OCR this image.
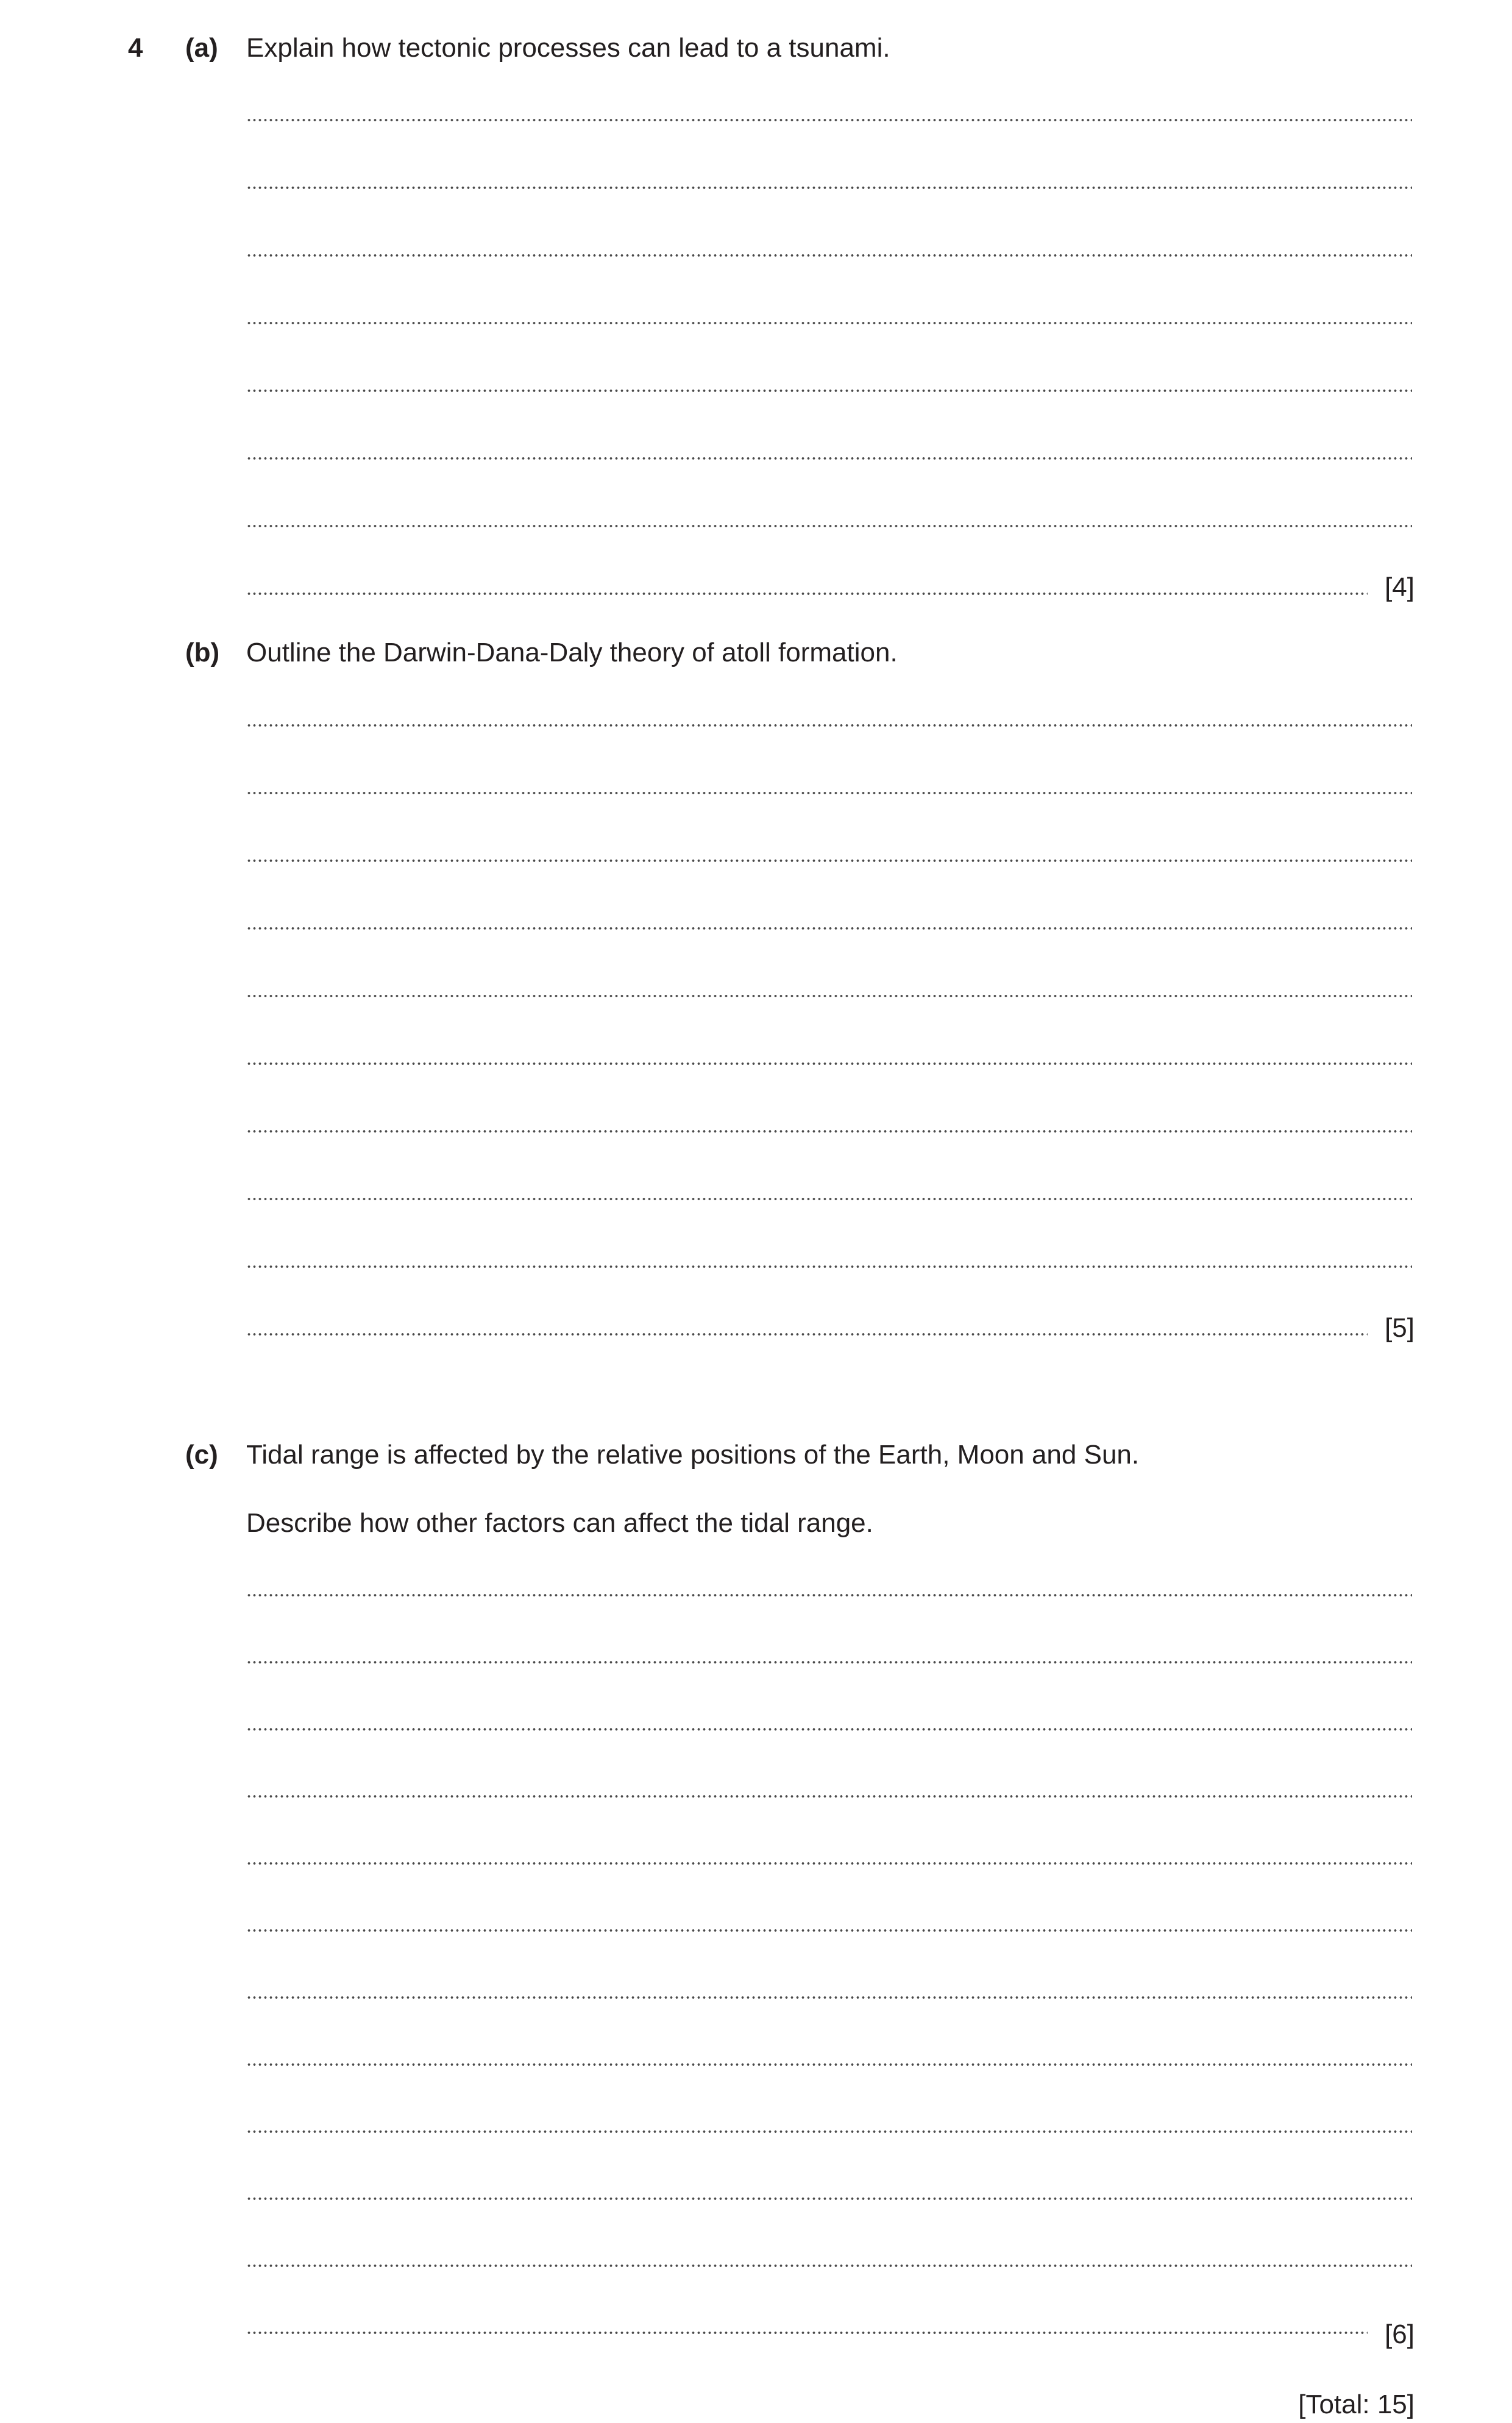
4 (a) Explain how tectonic processes can lead to a tsunami.
[4]
(b) Outline the Darwin-Dana-Daly theory of atoll formation.
[5]
(c) Tidal range is affected by the relative positions of the Earth, Moon and Sun.
Describe how other factors can affect the tidal range.
[6]
[Total: 15]
